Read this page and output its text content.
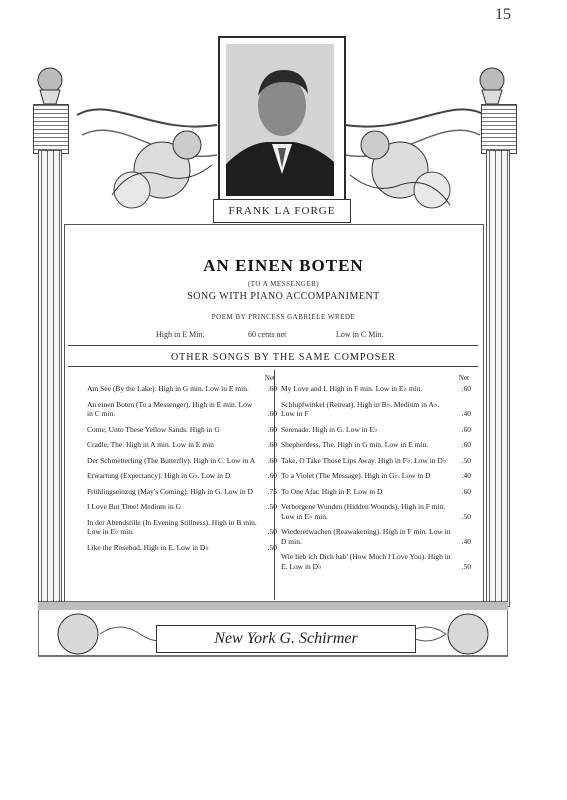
15
FRANK LA FORGE
AN EINEN BOTEN
(TO A MESSENGER)
SONG WITH PIANO ACCOMPANIMENT
POEM BY PRINCESS GABRIELE WREDE
High in E Min.	60 cents net	Low in C Min.
OTHER SONGS BY THE SAME COMPOSER
Net
Am See (By the Lake). High in G min. Low in E min.	.60
An einen Boten (To a Messenger). High in E min. Low in C min.	.60
Come, Unto These Yellow Sands. High in G	.60
Cradle, The. High in A min. Low in E min	.60
Der Schmetterling (The Butterfly). High in C. Low in A .60
Erwartung (Expectancy). High in G♭. Low in D	.60
Frühlingseinzug (May's Coming). High in G. Low in D .75
I Love But Thee! Medium in G	.50
In der Abendstille (In Evening Stillness). High in B min. Low in E♭ min.	.50
Like the Rosebud. High in E. Low in D♭	.50
Net
My Love and I. High in F min. Low in E♭ min.	.60
Schlupfwinkel (Retreat). High in B♭. Medium in A♭. Low in F	.40
Serenade. High in G. Low in E♭	.60
Shepherdess, The. High in G min. Low in E min.	.60
Take, O Take Those Lips Away. High in F♭. Low in D♭ .50
To a Violet (The Message). High in G♭. Low in D	.40
To One Afar. High in F. Low in D	.60
Verborgene Wunden (Hidden Wounds). High in F min. Low in E♭ min.	.50
Wiedererwachen (Reawakening). High in F min. Low in D min.	.40
Wie lieb ich Dich hab' (How Much I Love You). High in E. Low in D♭	.50
New York G. Schirmer
